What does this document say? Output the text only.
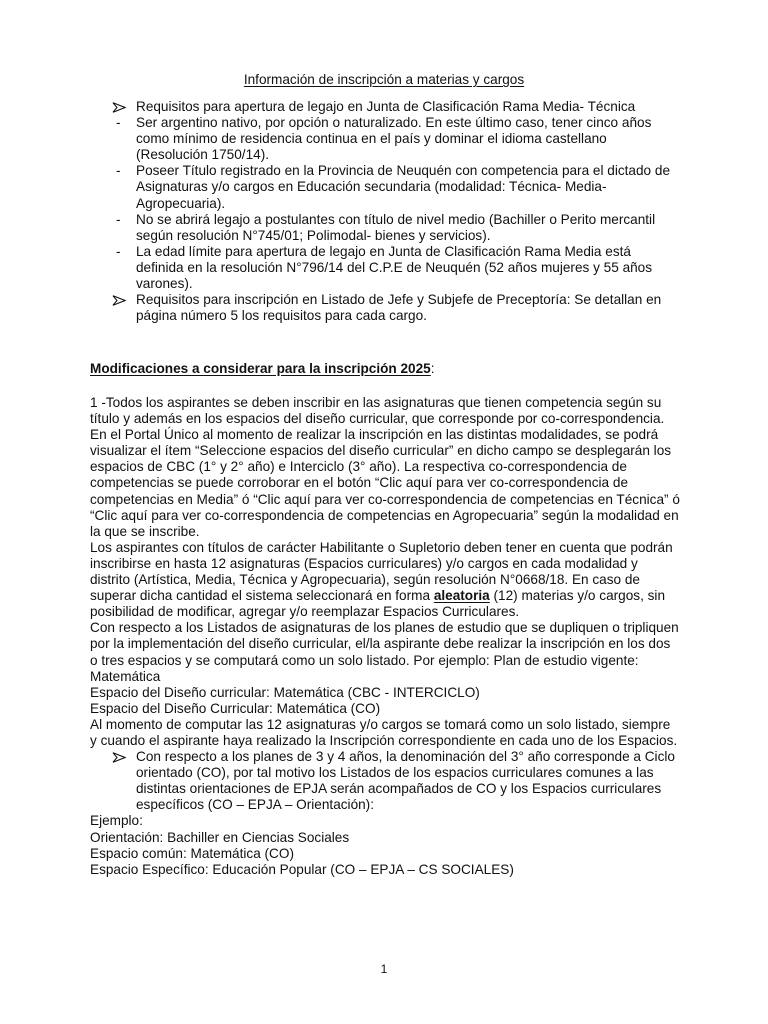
Información de inscripción a materias y cargos
Requisitos para apertura de legajo en Junta de Clasificación Rama Media- Técnica
-	Ser argentino nativo, por opción o naturalizado. En este último caso, tener cinco años como mínimo de residencia continua en el país y dominar el idioma castellano (Resolución 1750/14).
-	Poseer Título registrado en la Provincia de Neuquén con competencia para el dictado de Asignaturas y/o cargos en Educación secundaria (modalidad: Técnica- Media-Agropecuaria).
-	No se abrirá legajo a postulantes con título de nivel medio (Bachiller o Perito mercantil según resolución N°745/01; Polimodal- bienes y servicios).
-	La edad límite para apertura de legajo en Junta de Clasificación Rama Media está definida en la resolución N°796/14 del C.P.E de Neuquén (52 años mujeres y 55 años varones).
Requisitos para inscripción en Listado de Jefe y Subjefe de Preceptoría: Se detallan en página número 5 los requisitos para cada cargo.
Modificaciones a considerar para la inscripción 2025:

1 -Todos los aspirantes se deben inscribir en las asignaturas que tienen competencia según su título y además en los espacios del diseño curricular, que corresponde por co-correspondencia.

En el Portal Único al momento de realizar la inscripción en las distintas modalidades, se podrá visualizar el ítem “Seleccione espacios del diseño curricular” en dicho campo se desplegarán los espacios de CBC (1° y 2° año) e Interciclo (3° año). La respectiva co-correspondencia de competencias se puede corroborar en el botón “Clic aquí para ver co-correspondencia de competencias en Media” ó “Clic aquí para ver co-correspondencia de competencias en Técnica” ó “Clic aquí para ver co-correspondencia de competencias en Agropecuaria” según la modalidad en la que se inscribe.

Los aspirantes con títulos de carácter Habilitante o Supletorio deben tener en cuenta que podrán inscribirse en hasta 12 asignaturas (Espacios curriculares) y/o cargos en cada modalidad y distrito (Artística, Media, Técnica y Agropecuaria), según resolución N°0668/18. En caso de superar dicha cantidad el sistema seleccionará en forma aleatoria (12) materias y/o cargos, sin posibilidad de modificar, agregar y/o reemplazar Espacios Curriculares.

Con respecto a los Listados de asignaturas de los planes de estudio que se dupliquen o tripliquen por la implementación del diseño curricular, el/la aspirante debe realizar la inscripción en los dos o tres espacios y se computará como un solo listado. Por ejemplo: Plan de estudio vigente: Matemática

Espacio del Diseño curricular: Matemática (CBC - INTERCICLO)

Espacio del Diseño Curricular: Matemática (CO)

Al momento de computar las 12 asignaturas y/o cargos se tomará como un solo listado, siempre y cuando el aspirante haya realizado la Inscripción correspondiente en cada uno de los Espacios.

Con respecto a los planes de 3 y 4 años, la denominación del 3° año corresponde a Ciclo orientado (CO), por tal motivo los Listados de los espacios curriculares comunes a las distintas orientaciones de EPJA serán acompañados de CO y los Espacios curriculares específicos (CO – EPJA – Orientación):

Ejemplo:

Orientación: Bachiller en Ciencias Sociales

Espacio común: Matemática (CO)

Espacio Específico: Educación Popular (CO – EPJA – CS SOCIALES)

1
